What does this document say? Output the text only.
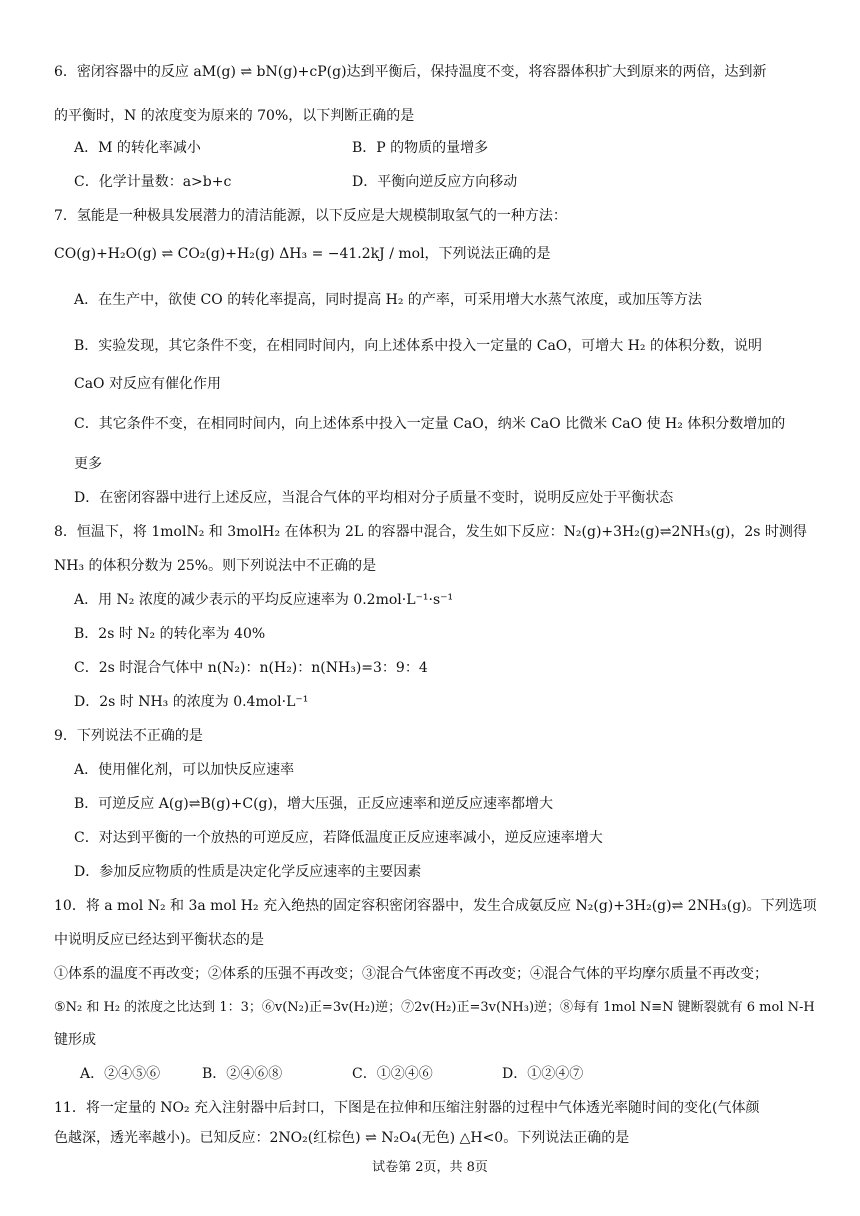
6．密闭容器中的反应 aM(g) ⇌ bN(g)+cP(g)达到平衡后，保持温度不变，将容器体积扩大到原来的两倍，达到新
的平衡时，N 的浓度变为原来的 70%，以下判断正确的是
A．M 的转化率减小	B．P 的物质的量增多
C．化学计量数：a>b+c	D．平衡向逆反应方向移动
7．氢能是一种极具发展潜力的清洁能源，以下反应是大规模制取氢气的一种方法：
CO(g)+H₂O(g) ⇌ CO₂(g)+H₂(g) ΔH₃ = −41.2kJ / mol，下列说法正确的是
A．在生产中，欲使 CO 的转化率提高，同时提高 H₂ 的产率，可采用增大水蒸气浓度，或加压等方法
B．实验发现，其它条件不变，在相同时间内，向上述体系中投入一定量的 CaO，可增大 H₂ 的体积分数，说明
CaO 对反应有催化作用
C．其它条件不变，在相同时间内，向上述体系中投入一定量 CaO，纳米 CaO 比微米 CaO 使 H₂ 体积分数增加的
更多
D．在密闭容器中进行上述反应，当混合气体的平均相对分子质量不变时，说明反应处于平衡状态
8．恒温下，将 1molN₂ 和 3molH₂ 在体积为 2L 的容器中混合，发生如下反应：N₂(g)+3H₂(g)⇌2NH₃(g)，2s 时测得
NH₃ 的体积分数为 25%。则下列说法中不正确的是
A．用 N₂ 浓度的减少表示的平均反应速率为 0.2mol·L⁻¹·s⁻¹
B．2s 时 N₂ 的转化率为 40%
C．2s 时混合气体中 n(N₂)：n(H₂)：n(NH₃)=3：9：4
D．2s 时 NH₃ 的浓度为 0.4mol·L⁻¹
9．下列说法不正确的是
A．使用催化剂，可以加快反应速率
B．可逆反应 A(g)⇌B(g)+C(g)，增大压强，正反应速率和逆反应速率都增大
C．对达到平衡的一个放热的可逆反应，若降低温度正反应速率减小，逆反应速率增大
D．参加反应物质的性质是决定化学反应速率的主要因素
10．将 a mol N₂ 和 3a mol H₂ 充入绝热的固定容积密闭容器中，发生合成氨反应 N₂(g)+3H₂(g)⇌ 2NH₃(g)。下列选项
中说明反应已经达到平衡状态的是
①体系的温度不再改变；②体系的压强不再改变；③混合气体密度不再改变；④混合气体的平均摩尔质量不再改变；
⑤N₂ 和 H₂ 的浓度之比达到 1：3；⑥v(N₂)正=3v(H₂)逆；⑦2v(H₂)正=3v(NH₃)逆；⑧每有 1mol N≡N 键断裂就有 6 mol N-H
键形成
A．②④⑤⑥	B．②④⑥⑧	C．①②④⑥	D．①②④⑦
11．将一定量的 NO₂ 充入注射器中后封口，下图是在拉伸和压缩注射器的过程中气体透光率随时间的变化(气体颜
色越深，透光率越小)。已知反应：2NO₂(红棕色) ⇌ N₂O₄(无色) △H<0。下列说法正确的是
试卷第 2页，共 8页
